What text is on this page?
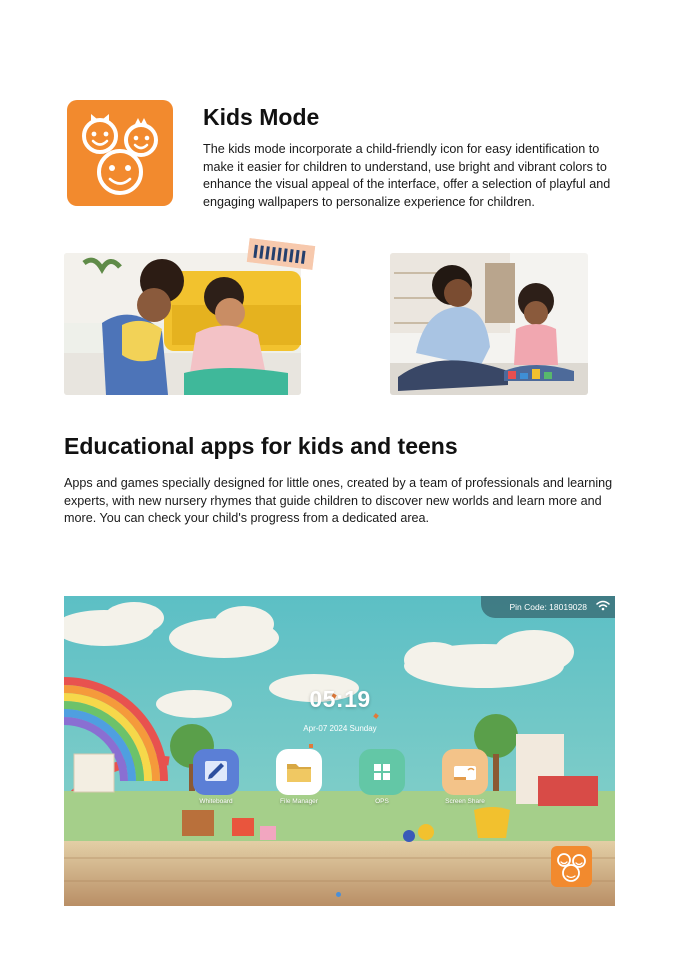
Kids Mode

The kids mode incorporate a child-friendly icon for easy identification to make it easier for children to understand, use bright and vibrant colors to enhance the visual appeal of the interface, offer a selection of playful and engaging wallpapers to personalize experience for children.

Educational apps for kids and teens

Apps and games specially designed for little ones, created by a team of professionals and learning experts, with new nursery rhymes that guide children to discover new worlds and learn more and more. You can check your child's progress from a dedicated area.

Pin Code: 18019028
05:19
Apr-07 2024 Sunday
Whiteboard	File Manager	OPS	Screen Share
